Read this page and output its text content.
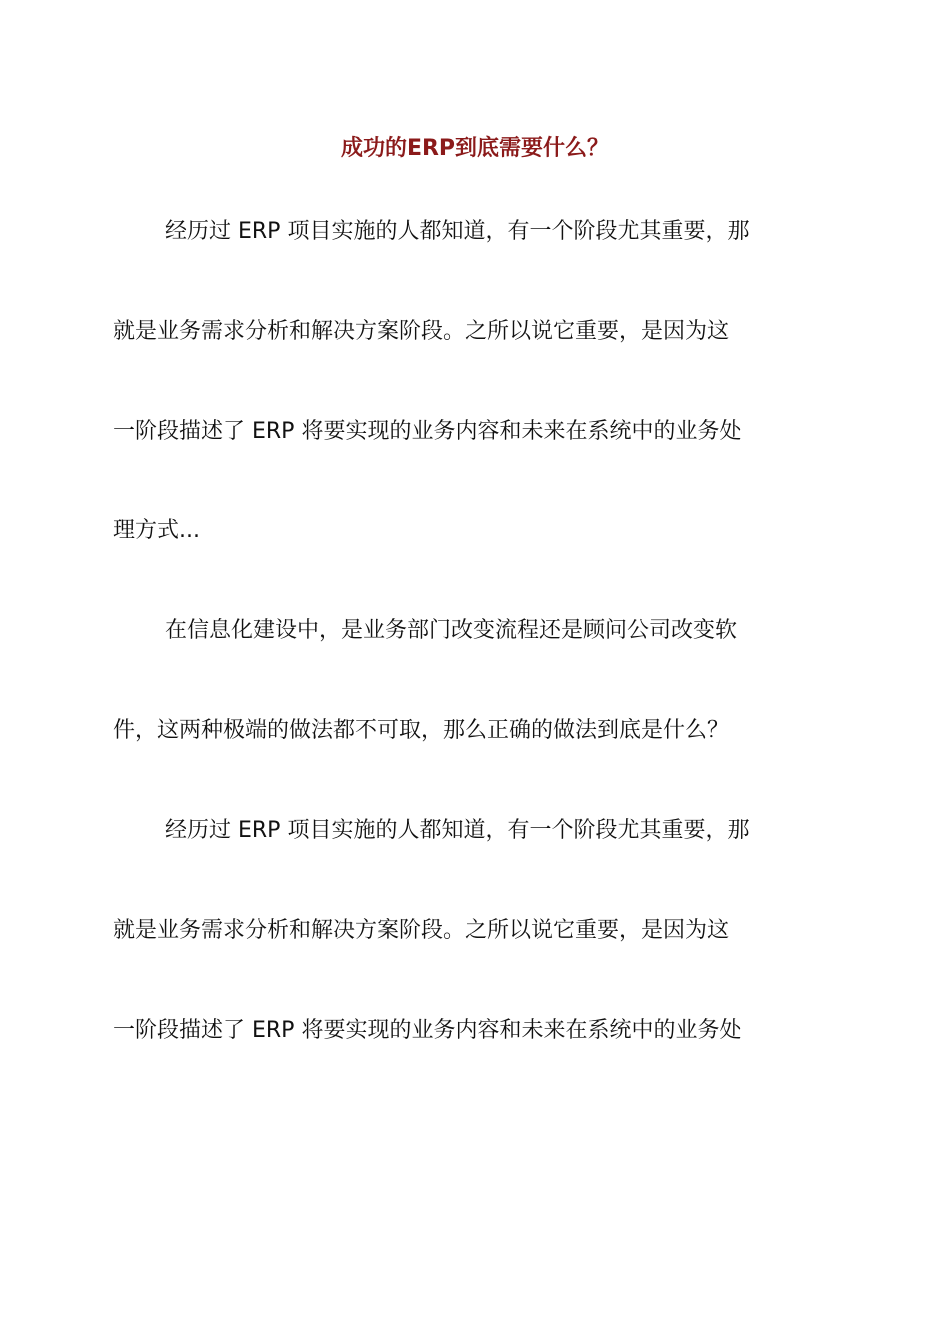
成功的ERP到底需要什么？
经历过 ERP 项目实施的人都知道，有一个阶段尤其重要，那
就是业务需求分析和解决方案阶段。之所以说它重要，是因为这
一阶段描述了 ERP 将要实现的业务内容和未来在系统中的业务处
理方式...
在信息化建设中，是业务部门改变流程还是顾问公司改变软
件，这两种极端的做法都不可取，那么正确的做法到底是什么？
经历过 ERP 项目实施的人都知道，有一个阶段尤其重要，那
就是业务需求分析和解决方案阶段。之所以说它重要，是因为这
一阶段描述了 ERP 将要实现的业务内容和未来在系统中的业务处
